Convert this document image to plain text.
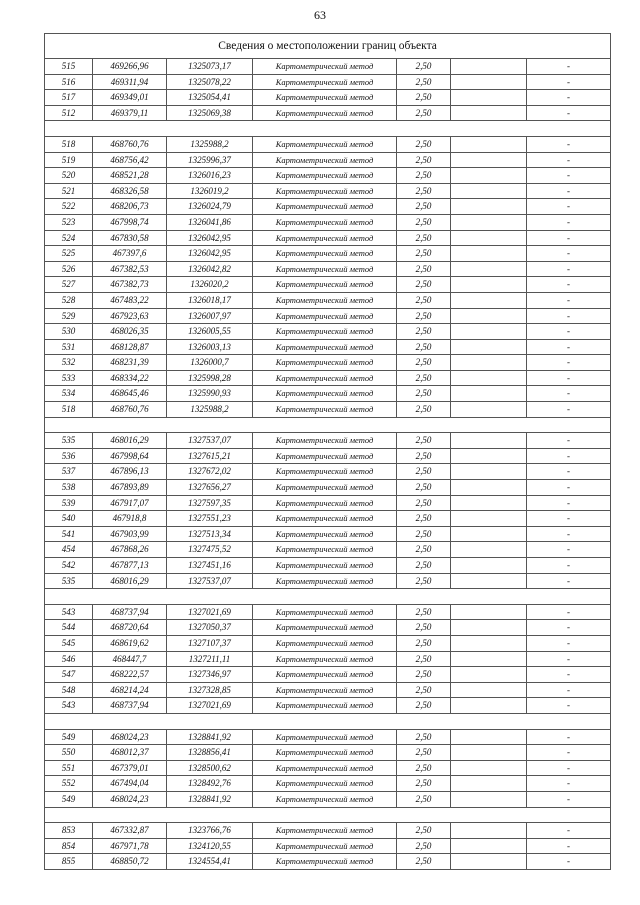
63
Сведения о местоположении границ объекта						
515	469266,96	1325073,17	Картометрический метод	2,50		-
516	469311,94	1325078,22	Картометрический метод	2,50		-
517	469349,01	1325054,41	Картометрический метод	2,50		-
512	469379,11	1325069,38	Картометрический метод	2,50		-

518	468760,76	1325988,2	Картометрический метод	2,50		-
519	468756,42	1325996,37	Картометрический метод	2,50		-
520	468521,28	1326016,23	Картометрический метод	2,50		-
521	468326,58	1326019,2	Картометрический метод	2,50		-
522	468206,73	1326024,79	Картометрический метод	2,50		-
523	467998,74	1326041,86	Картометрический метод	2,50		-
524	467830,58	1326042,95	Картометрический метод	2,50		-
525	467397,6	1326042,95	Картометрический метод	2,50		-
526	467382,53	1326042,82	Картометрический метод	2,50		-
527	467382,73	1326020,2	Картометрический метод	2,50		-
528	467483,22	1326018,17	Картометрический метод	2,50		-
529	467923,63	1326007,97	Картометрический метод	2,50		-
530	468026,35	1326005,55	Картометрический метод	2,50		-
531	468128,87	1326003,13	Картометрический метод	2,50		-
532	468231,39	1326000,7	Картометрический метод	2,50		-
533	468334,22	1325998,28	Картометрический метод	2,50		-
534	468645,46	1325990,93	Картометрический метод	2,50		-
518	468760,76	1325988,2	Картометрический метод	2,50		-

535	468016,29	1327537,07	Картометрический метод	2,50		-
536	467998,64	1327615,21	Картометрический метод	2,50		-
537	467896,13	1327672,02	Картометрический метод	2,50		-
538	467893,89	1327656,27	Картометрический метод	2,50		-
539	467917,07	1327597,35	Картометрический метод	2,50		-
540	467918,8	1327551,23	Картометрический метод	2,50		-
541	467903,99	1327513,34	Картометрический метод	2,50		-
454	467868,26	1327475,52	Картометрический метод	2,50		-
542	467877,13	1327451,16	Картометрический метод	2,50		-
535	468016,29	1327537,07	Картометрический метод	2,50		-

543	468737,94	1327021,69	Картометрический метод	2,50		-
544	468720,64	1327050,37	Картометрический метод	2,50		-
545	468619,62	1327107,37	Картометрический метод	2,50		-
546	468447,7	1327211,11	Картометрический метод	2,50		-
547	468222,57	1327346,97	Картометрический метод	2,50		-
548	468214,24	1327328,85	Картометрический метод	2,50		-
543	468737,94	1327021,69	Картометрический метод	2,50		-

549	468024,23	1328841,92	Картометрический метод	2,50		-
550	468012,37	1328856,41	Картометрический метод	2,50		-
551	467379,01	1328500,62	Картометрический метод	2,50		-
552	467494,04	1328492,76	Картометрический метод	2,50		-
549	468024,23	1328841,92	Картометрический метод	2,50		-

853	467332,87	1323766,76	Картометрический метод	2,50		-
854	467971,78	1324120,55	Картометрический метод	2,50		-
855	468850,72	1324554,41	Картометрический метод	2,50		-
